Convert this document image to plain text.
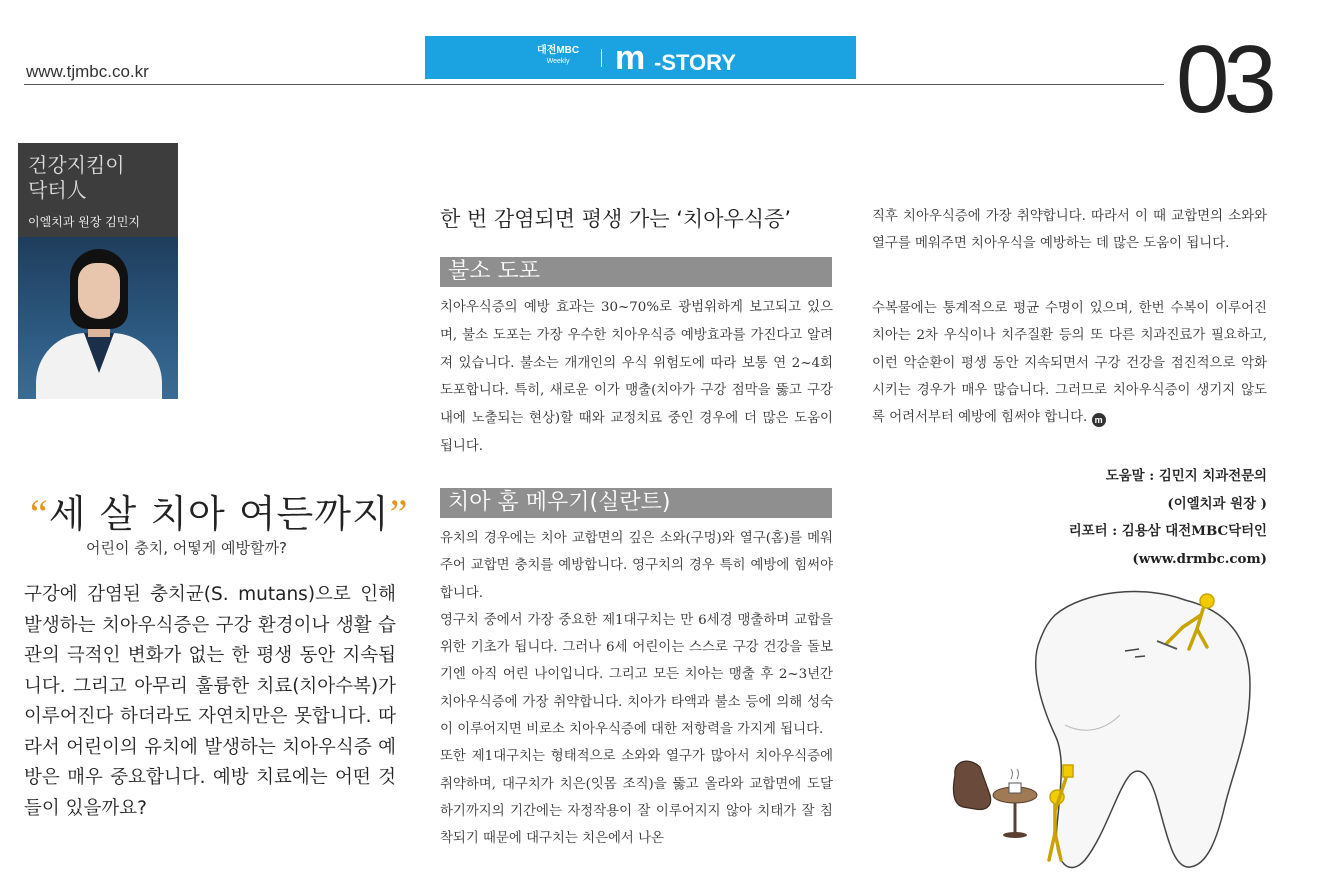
www.tjmbc.co.kr
대전MBC
Weekly m -STORY	03
건강지킴이
닥터人
이엘치과 원장 김민지
“세 살 치아 여든까지”
어린이 충치, 어떻게 예방할까?
구강에 감염된 충치균(S. mutans)으로 인해 발생하는 치아우식증은 구강 환경이나 생활 습관의 극적인 변화가 없는 한 평생 동안 지속됩니다. 그리고 아무리 훌륭한 치료(치아수복)가 이루어진다 하더라도 자연치만은 못합니다. 따라서 어린이의 유치에 발생하는 치아우식증 예방은 매우 중요합니다. 예방 치료에는 어떤 것들이 있을까요?
한 번 감염되면 평생 가는 ‘치아우식증’
불소 도포
치아우식증의 예방 효과는 30~70%로 광범위하게 보고되고 있으며, 불소 도포는 가장 우수한 치아우식증 예방효과를 가진다고 알려져 있습니다. 불소는 개개인의 우식 위험도에 따라 보통 연 2~4회 도포합니다. 특히, 새로운 이가 맹출(치아가 구강 점막을 뚫고 구강 내에 노출되는 현상)할 때와 교정치료 중인 경우에 더 많은 도움이 됩니다.
치아 홈 메우기(실란트)
유치의 경우에는 치아 교합면의 깊은 소와(구멍)와 열구(홈)를 메워주어 교합면 충치를 예방합니다. 영구치의 경우 특히 예방에 힘써야 합니다.
영구치 중에서 가장 중요한 제1대구치는 만 6세경 맹출하며 교합을 위한 기초가 됩니다. 그러나 6세 어린이는 스스로 구강 건강을 돌보기엔 아직 어린 나이입니다. 그리고 모든 치아는 맹출 후 2~3년간 치아우식증에 가장 취약합니다. 치아가 타액과 불소 등에 의해 성숙이 이루어지면 비로소 치아우식증에 대한 저항력을 가지게 됩니다.
또한 제1대구치는 형태적으로 소와와 열구가 많아서 치아우식증에 취약하며, 대구치가 치은(잇몸 조직)을 뚫고 올라와 교합면에 도달하기까지의 기간에는 자정작용이 잘 이루어지지 않아 치태가 잘 침착되기 때문에 대구치는 치은에서 나온
직후 치아우식증에 가장 취약합니다. 따라서 이 때 교합면의 소와와 열구를 메워주면 치아우식을 예방하는 데 많은 도움이 됩니다.
수복물에는 통계적으로 평균 수명이 있으며, 한번 수복이 이루어진 치아는 2차 우식이나 치주질환 등의 또 다른 치과진료가 필요하고, 이런 악순환이 평생 동안 지속되면서 구강 건강을 점진적으로 악화시키는 경우가 매우 많습니다. 그러므로 치아우식증이 생기지 않도록 어려서부터 예방에 힘써야 합니다. m
도움말 : 김민지 치과전문의
(이엘치과 원장 )
리포터 : 김용삼 대전MBC닥터인
(www.drmbc.com)
